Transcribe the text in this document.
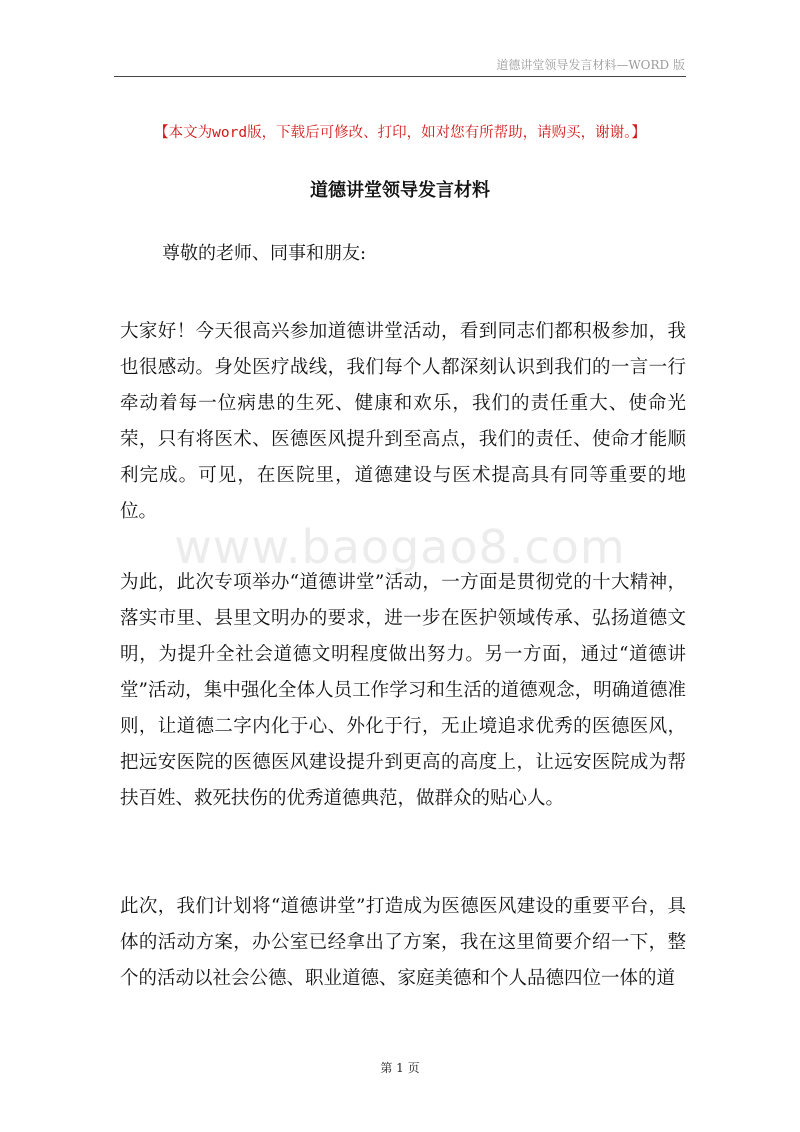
道德讲堂领导发言材料—WORD 版
【本文为word版，下载后可修改、打印，如对您有所帮助，请购买，谢谢。】
道德讲堂领导发言材料
尊敬的老师、同事和朋友:

大家好！今天很高兴参加道德讲堂活动，看到同志们都积极参加，我也很感动。身处医疗战线，我们每个人都深刻认识到我们的一言一行牵动着每一位病患的生死、健康和欢乐，我们的责任重大、使命光荣，只有将医术、医德医风提升到至高点，我们的责任、使命才能顺利完成。可见，在医院里，道德建设与医术提高具有同等重要的地位。

www.baogao8.com

为此，此次专项举办“道德讲堂”活动，一方面是贯彻党的十大精神，落实市里、县里文明办的要求，进一步在医护领域传承、弘扬道德文明，为提升全社会道德文明程度做出努力。另一方面，通过“道德讲堂”活动，集中强化全体人员工作学习和生活的道德观念，明确道德准则，让道德二字内化于心、外化于行，无止境追求优秀的医德医风，把远安医院的医德医风建设提升到更高的高度上，让远安医院成为帮扶百姓、救死扶伤的优秀道德典范，做群众的贴心人。

此次，我们计划将“道德讲堂”打造成为医德医风建设的重要平台，具体的活动方案，办公室已经拿出了方案，我在这里简要介绍一下，整个的活动以社会公德、职业道德、家庭美德和个人品德四位一体的道

第 1 页
